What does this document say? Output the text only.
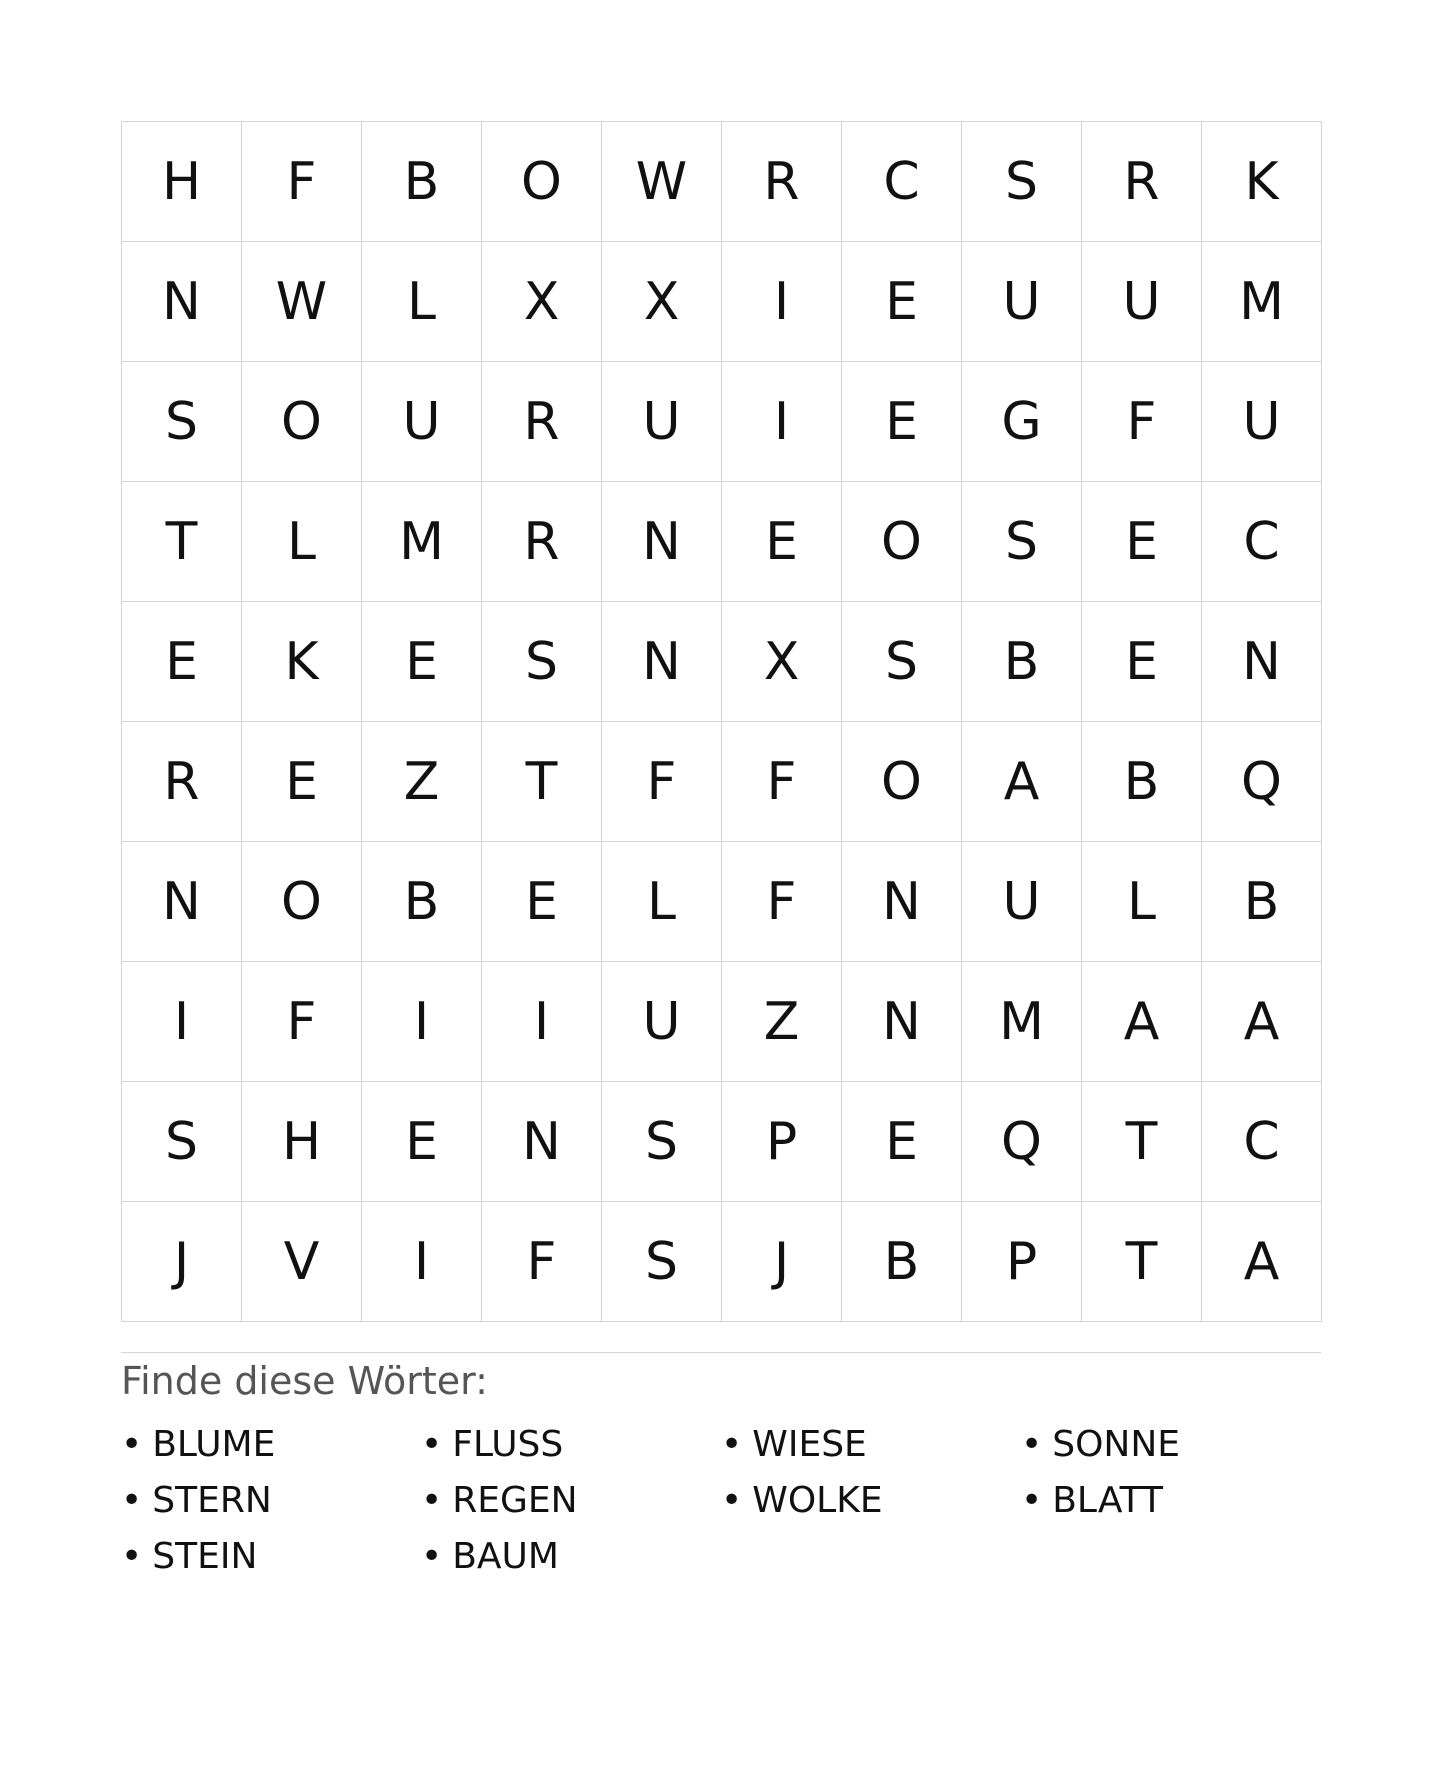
H	F	B	O	W	R	C	S	R	K
N	W	L	X	X	I	E	U	U	M
S	O	U	R	U	I	E	G	F	U
T	L	M	R	N	E	O	S	E	C
E	K	E	S	N	X	S	B	E	N
R	E	Z	T	F	F	O	A	B	Q
N	O	B	E	L	F	N	U	L	B
I	F	I	I	U	Z	N	M	A	A
S	H	E	N	S	P	E	Q	T	C
J	V	I	F	S	J	B	P	T	A
Finde diese Wörter:
• BLUME	• FLUSS	• WIESE	• SONNE
• STERN	• REGEN	• WOLKE	• BLATT
• STEIN	• BAUM
